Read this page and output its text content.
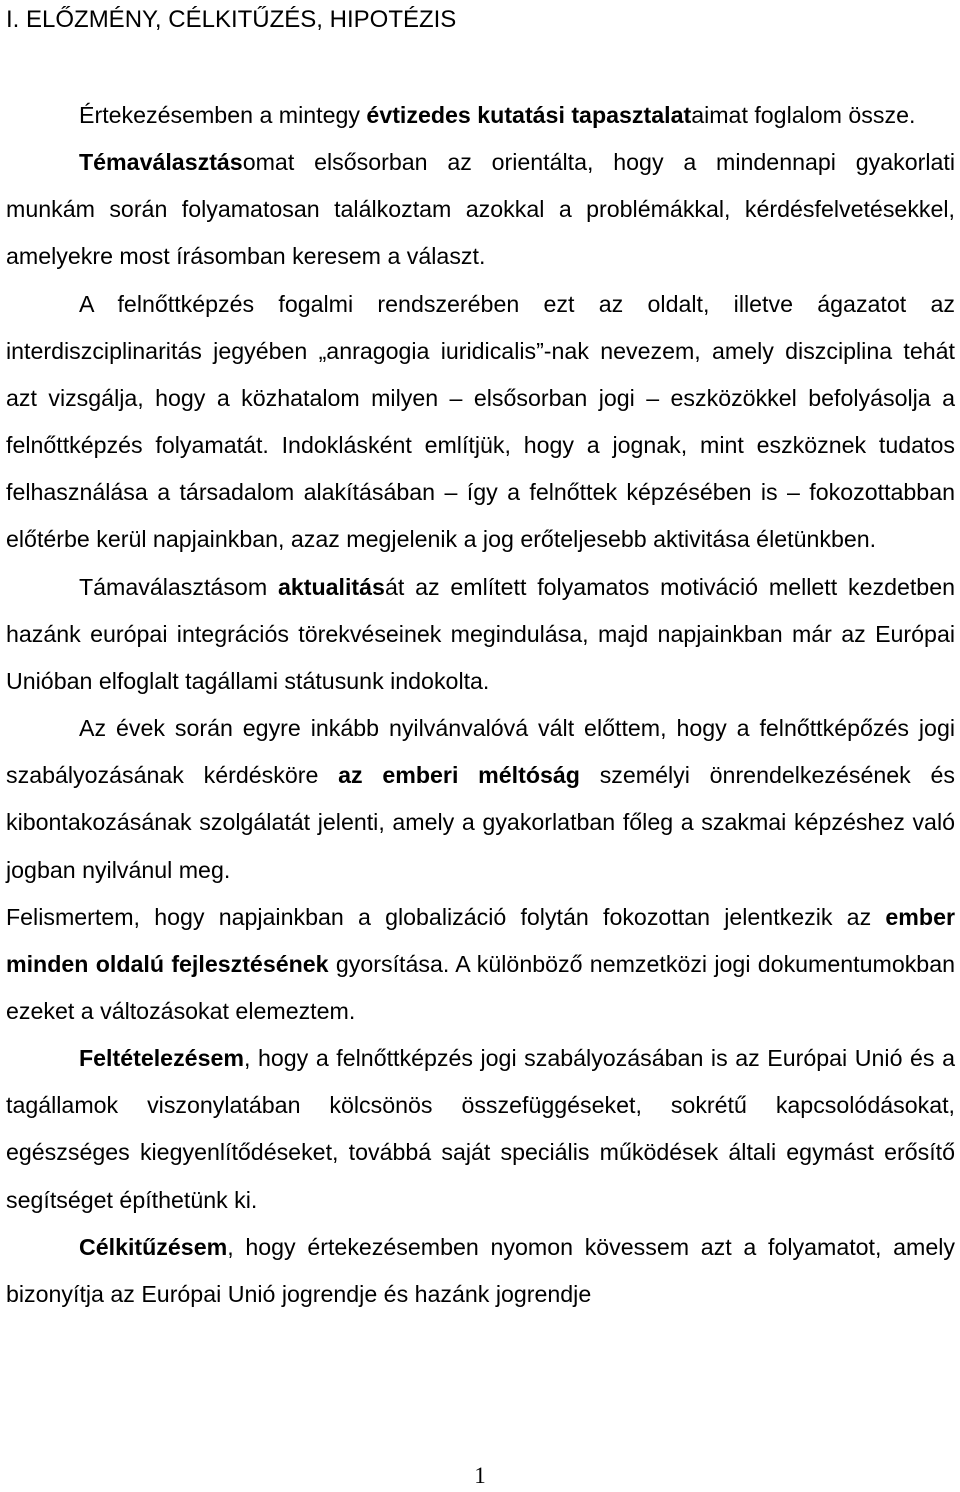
I. ELŐZMÉNY, CÉLKITŰZÉS, HIPOTÉZIS

Értekezésemben a mintegy évtizedes kutatási tapasztalataimat foglalom össze.

Témaválasztásomat elsősorban az orientálta, hogy a mindennapi gyakorlati munkám során folyamatosan találkoztam azokkal a problémákkal, kérdésfelvetésekkel, amelyekre most írásomban keresem a választ.

A felnőttképzés fogalmi rendszerében ezt az oldalt, illetve ágazatot az interdiszciplinaritás jegyében „anragogia iuridicalis”-nak nevezem, amely diszciplina tehát azt vizsgálja, hogy a közhatalom milyen – elsősorban jogi – eszközökkel befolyásolja a felnőttképzés folyamatát. Indoklásként említjük, hogy a jognak, mint eszköznek tudatos felhasználása a társadalom alakításában – így a felnőttek képzésében is – fokozottabban előtérbe kerül napjainkban, azaz megjelenik a jog erőteljesebb aktivitása életünkben.

Támaválasztásom aktualitását az említett folyamatos motiváció mellett kezdetben hazánk európai integrációs törekvéseinek megindulása, majd napjainkban már az Európai Unióban elfoglalt tagállami státusunk indokolta.

Az évek során egyre inkább nyilvánvalóvá vált előttem, hogy a felnőttképőzés jogi szabályozásának kérdésköre az emberi méltóság személyi önrendelkezésének és kibontakozásának szolgálatát jelenti, amely a gyakorlatban főleg a szakmai képzéshez való jogban nyilvánul meg.

Felismertem, hogy napjainkban a globalizáció folytán fokozottan jelentkezik az ember minden oldalú fejlesztésének gyorsítása. A különböző nemzetközi jogi dokumentumokban ezeket a változásokat elemeztem.

Feltételezésem, hogy a felnőttképzés jogi szabályozásában is az Európai Unió és a tagállamok viszonylatában kölcsönös összefüggéseket, sokrétű kapcsolódásokat, egészséges kiegyenlítődéseket, továbbá saját speciális működések általi egymást erősítő segítséget építhetünk ki.

Célkitűzésem, hogy értekezésemben nyomon kövessem azt a folyamatot, amely bizonyítja az Európai Unió jogrendje és hazánk jogrendje

1
